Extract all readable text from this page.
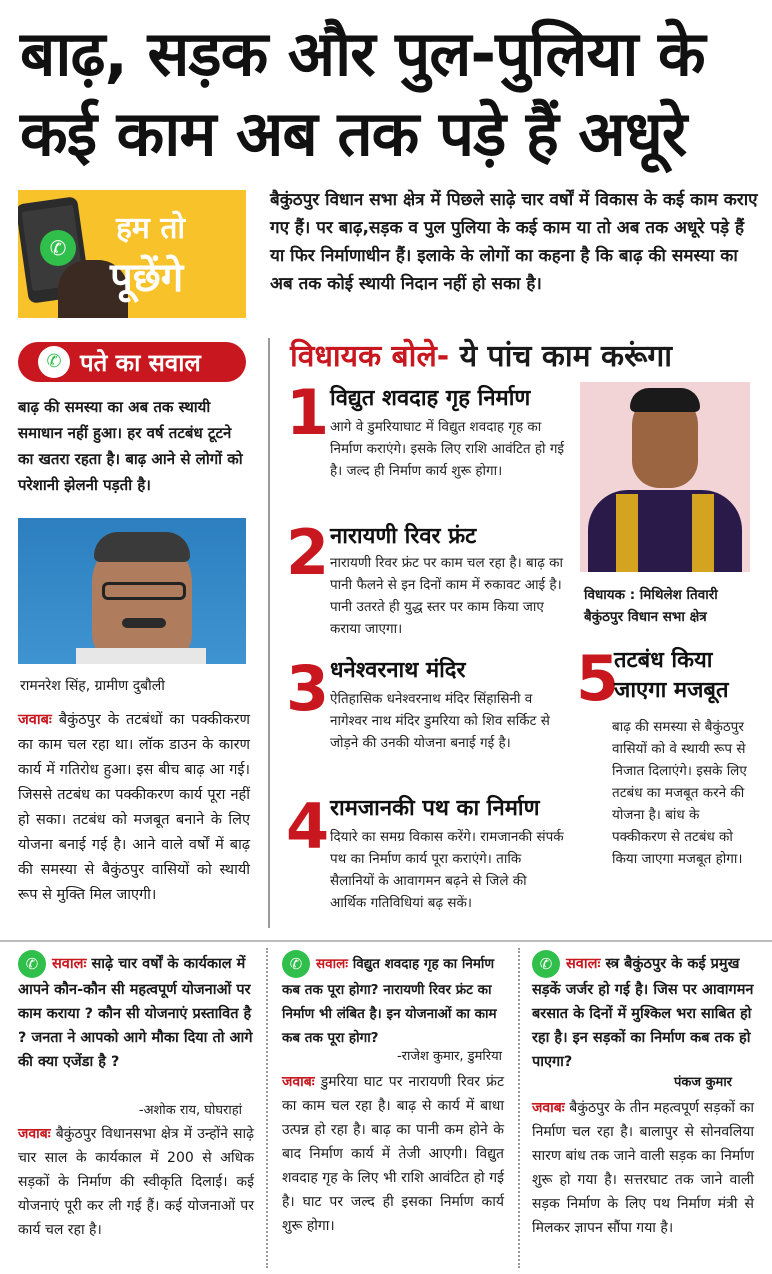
बाढ़, सड़क और पुल-पुलिया के
कई काम अब तक पड़े हैं अधूरे
✆
हम तो
पूछेंगे

बैकुंठपुर विधान सभा क्षेत्र में पिछले साढ़े चार वर्षों में विकास के कई काम कराए गए हैं। पर बाढ़,सड़क व पुल पुलिया के कई काम या तो अब तक अधूरे पड़े हैं या फिर निर्माणाधीन हैं। इलाके के लोगों का कहना है कि बाढ़ की समस्या का अब तक कोई स्थायी निदान नहीं हो सका है।

✆ पते का सवाल

बाढ़ की समस्या का अब तक स्थायी समाधान नहीं हुआ। हर वर्ष तटबंध टूटने का खतरा रहता है। बाढ़ आने से लोगों को परेशानी झेलनी पड़ती है।

रामनरेश सिंह, ग्रामीण दुबौली

जवाबः बैकुंठपुर के तटबंधों का पक्कीकरण का काम चल रहा था। लॉक डाउन के कारण कार्य में गतिरोध हुआ। इस बीच बाढ़ आ गई। जिससे तटबंध का पक्कीकरण कार्य पूरा नहीं हो सका। तटबंध को मजबूत बनाने के लिए योजना बनाई गई है। आने वाले वर्षों में बाढ़ की समस्या से बैकुंठपुर वासियों को स्थायी रूप से मुक्ति मिल जाएगी।

विधायक बोले- ये पांच काम करूंगा
1 विद्युत शवदाह गृह निर्माण
आगे वे डुमरियाघाट में विद्युत शवदाह गृह का निर्माण कराएंगे। इसके लिए राशि आवंटित हो गई है। जल्द ही निर्माण कार्य शुरू होगा।
2 नारायणी रिवर फ्रंट
नारायणी रिवर फ्रंट पर काम चल रहा है। बाढ़ का पानी फैलने से इन दिनों काम में रुकावट आई है। पानी उतरते ही युद्ध स्तर पर काम किया जाए कराया जाएगा।
3 धनेश्वरनाथ मंदिर
ऐतिहासिक धनेश्वरनाथ मंदिर सिंहासिनी व नागेश्वर नाथ मंदिर डुमरिया को शिव सर्किट से जोड़ने की उनकी योजना बनाई गई है।
4 रामजानकी पथ का निर्माण
दियारे का समग्र विकास करेंगे। रामजानकी संपर्क पथ का निर्माण कार्य पूरा कराएंगे। ताकि सैलानियों के आवागमन बढ़ने से जिले की आर्थिक गतिविधियां बढ़ सकें।
5
तटबंध किया
जाएगा मजबूत
बाढ़ की समस्या से बैकुंठपुर वासियों को वे स्थायी रूप से निजात दिलाएंगे। इसके लिए तटबंध का मजबूत करने की योजना है। बांध के पक्कीकरण से तटबंध को किया जाएगा मजबूत होगा।
विधायक : मिथिलेश तिवारी
बैकुंठपुर विधान सभा क्षेत्र
✆ सवालः साढ़े चार वर्षों के कार्यकाल में आपने कौन-कौन सी महत्वपूर्ण योजनाओं पर काम कराया ? कौन सी योजनाएं प्रस्तावित है ? जनता ने आपको आगे मौका दिया तो आगे की क्या एजेंडा है ?
-अशोक राय, घोघराहां

जवाबः बैकुंठपुर विधानसभा क्षेत्र में उन्होंने साढ़े चार साल के कार्यकाल में 200 से अधिक सड़कों के निर्माण की स्वीकृति दिलाई। कई योजनाएं पूरी कर ली गई हैं। कई योजनाओं पर कार्य चल रहा है।

✆ सवालः विद्युत शवदाह गृह का निर्माण कब तक पूरा होगा? नारायणी रिवर फ्रंट का निर्माण भी लंबित है। इन योजनाओं का काम कब तक पूरा होगा?
-राजेश कुमार, डुमरिया

जवाबः डुमरिया घाट पर नारायणी रिवर फ्रंट का काम चल रहा है। बाढ़ से कार्य में बाधा उत्पन्न हो रहा है। बाढ़ का पानी कम होने के बाद निर्माण कार्य में तेजी आएगी। विद्युत शवदाह गृह के लिए भी राशि आवंटित हो गई है। घाट पर जल्द ही इसका निर्माण कार्य शुरू होगा।

✆ सवालः स्त्र बैकुंठपुर के कई प्रमुख सड़कें जर्जर हो गई है। जिस पर आवागमन बरसात के दिनों में मुश्किल भरा साबित हो रहा है। इन सड़कों का निर्माण कब तक हो पाएगा?
पंकज कुमार

जवाबः बैकुंठपुर के तीन महत्वपूर्ण सड़कों का निर्माण चल रहा है। बालापुर से सोनवलिया सारण बांध तक जाने वाली सड़क का निर्माण शुरू हो गया है। सत्तरघाट तक जाने वाली सड़क निर्माण के लिए पथ निर्माण मंत्री से मिलकर ज्ञापन सौंपा गया है।
